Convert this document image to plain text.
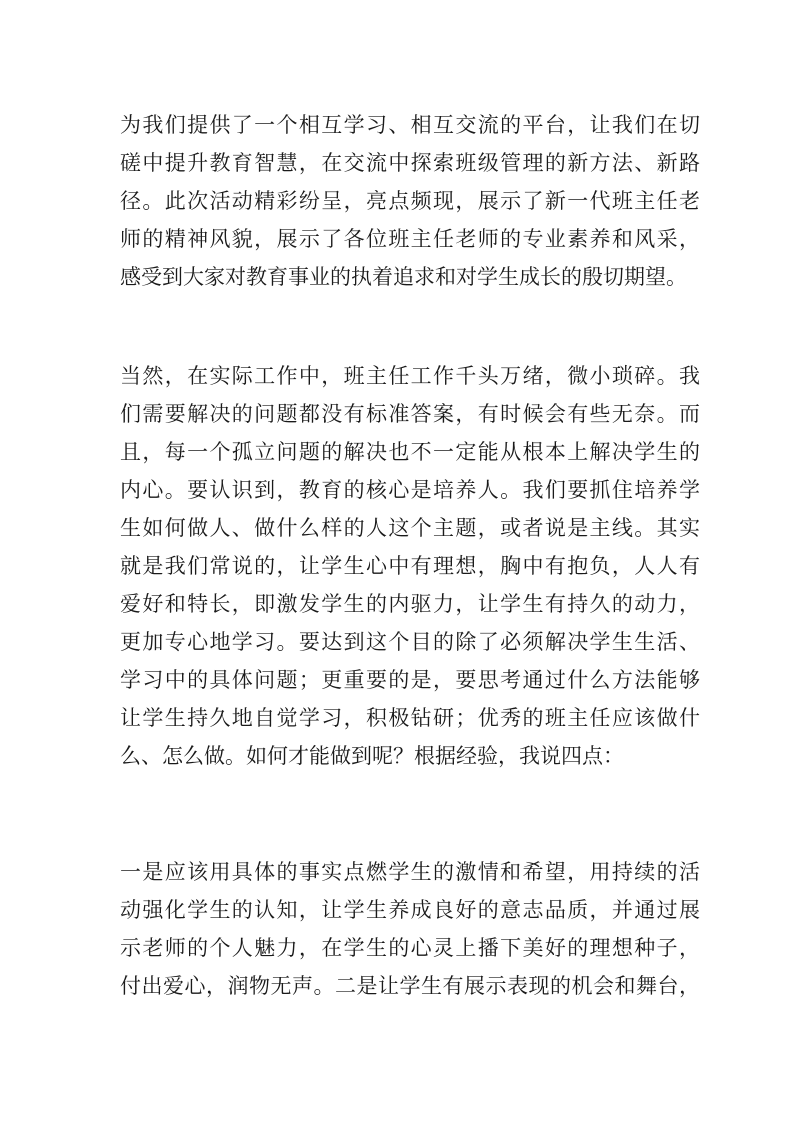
为我们提供了一个相互学习、相互交流的平台，让我们在切
磋中提升教育智慧，在交流中探索班级管理的新方法、新路
径。此次活动精彩纷呈，亮点频现，展示了新一代班主任老
师的精神风貌，展示了各位班主任老师的专业素养和风采，
感受到大家对教育事业的执着追求和对学生成长的殷切期望。
当然，在实际工作中，班主任工作千头万绪，微小琐碎。我
们需要解决的问题都没有标准答案，有时候会有些无奈。而
且，每一个孤立问题的解决也不一定能从根本上解决学生的
内心。要认识到，教育的核心是培养人。我们要抓住培养学
生如何做人、做什么样的人这个主题，或者说是主线。其实
就是我们常说的，让学生心中有理想，胸中有抱负，人人有
爱好和特长，即激发学生的内驱力，让学生有持久的动力，
更加专心地学习。要达到这个目的除了必须解决学生生活、
学习中的具体问题；更重要的是，要思考通过什么方法能够
让学生持久地自觉学习，积极钻研；优秀的班主任应该做什
么、怎么做。如何才能做到呢？根据经验，我说四点：
一是应该用具体的事实点燃学生的激情和希望，用持续的活
动强化学生的认知，让学生养成良好的意志品质，并通过展
示老师的个人魅力，在学生的心灵上播下美好的理想种子，
付出爱心，润物无声。二是让学生有展示表现的机会和舞台，
